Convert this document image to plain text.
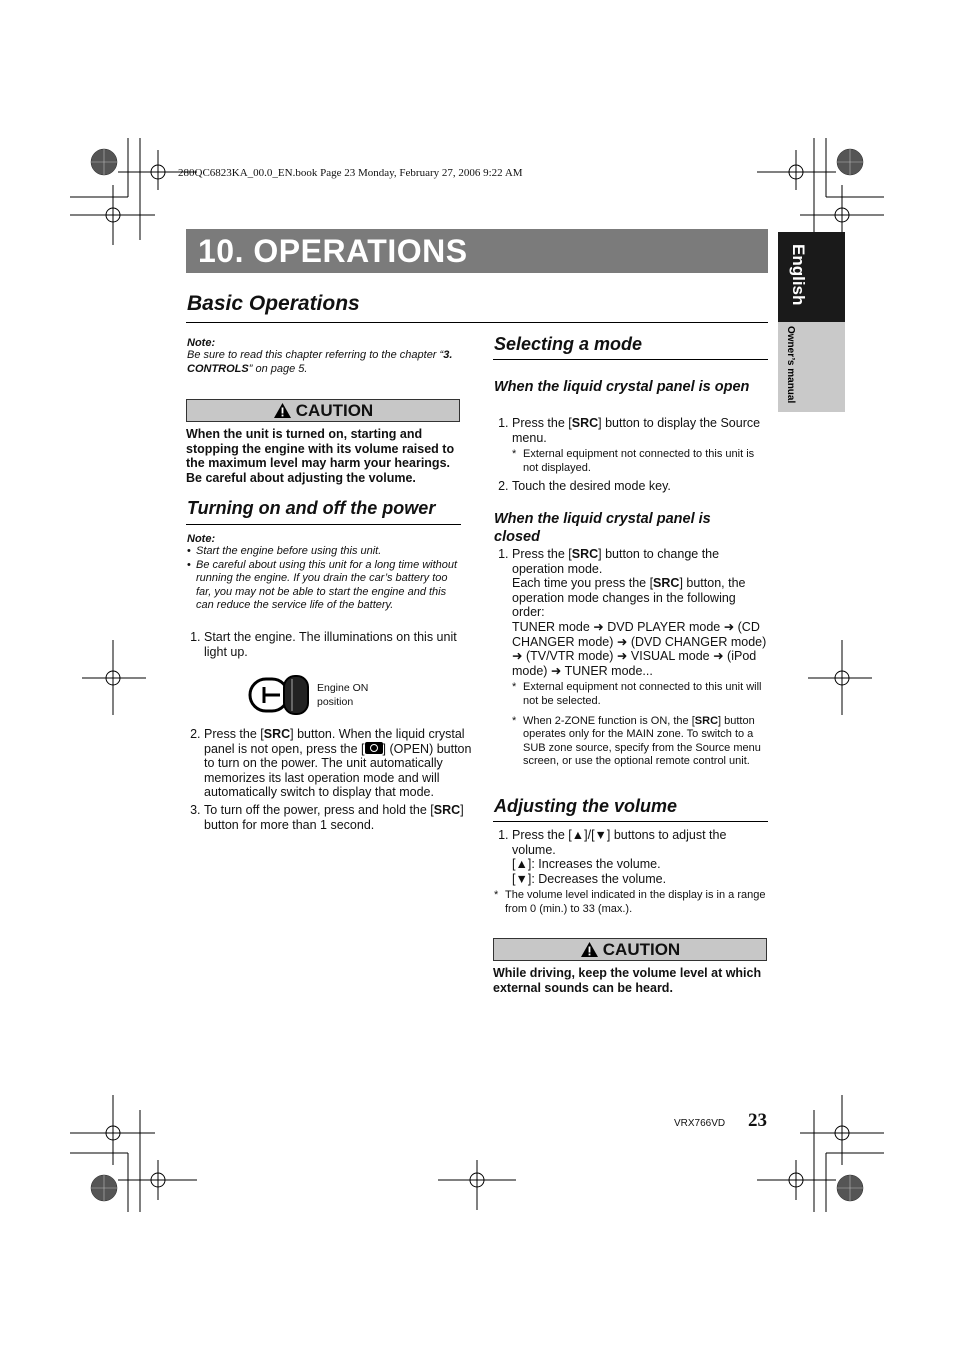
280QC6823KA_00.0_EN.book Page 23 Monday, February 27, 2006 9:22 AM
10. OPERATIONS	English
Owner’s manual
Basic Operations
Note:
Be sure to read this chapter referring to the chapter “3. CONTROLS” on page 5.
CAUTION
When the unit is turned on, starting and stopping the engine with its volume raised to the maximum level may harm your hearings. Be careful about adjusting the volume.
Turning on and off the power
Note:
• Start the engine before using this unit.
• Be careful about using this unit for a long time without running the engine. If you drain the car’s battery too far, you may not be able to start the engine and this can reduce the service life of the battery.
1. Start the engine. The illuminations on this unit light up.
Engine ON position
2. Press the [SRC] button. When the liquid crystal panel is not open, press the [ ] (OPEN) button to turn on the power. The unit automatically memorizes its last operation mode and will automatically switch to display that mode.
3. To turn off the power, press and hold the [SRC] button for more than 1 second.
Selecting a mode
When the liquid crystal panel is open
1. Press the [SRC] button to display the Source menu.
* External equipment not connected to this unit is not displayed.
2. Touch the desired mode key.
When the liquid crystal panel is closed
1. Press the [SRC] button to change the operation mode.
Each time you press the [SRC] button, the operation mode changes in the following order:
TUNER mode ➜ DVD PLAYER mode ➜ (CD CHANGER mode) ➜ (DVD CHANGER mode) ➜ (TV/VTR mode) ➜ VISUAL mode ➜ (iPod mode) ➜ TUNER mode...
* External equipment not connected to this unit will not be selected.
* When 2-ZONE function is ON, the [SRC] button operates only for the MAIN zone. To switch to a SUB zone source, specify from the Source menu screen, or use the optional remote control unit.
Adjusting the volume
1. Press the [▲]/[▼] buttons to adjust the volume.
[▲]: Increases the volume.
[▼]: Decreases the volume.
* The volume level indicated in the display is in a range from 0 (min.) to 33 (max.).
CAUTION
While driving, keep the volume level at which external sounds can be heard.
VRX766VD 23
